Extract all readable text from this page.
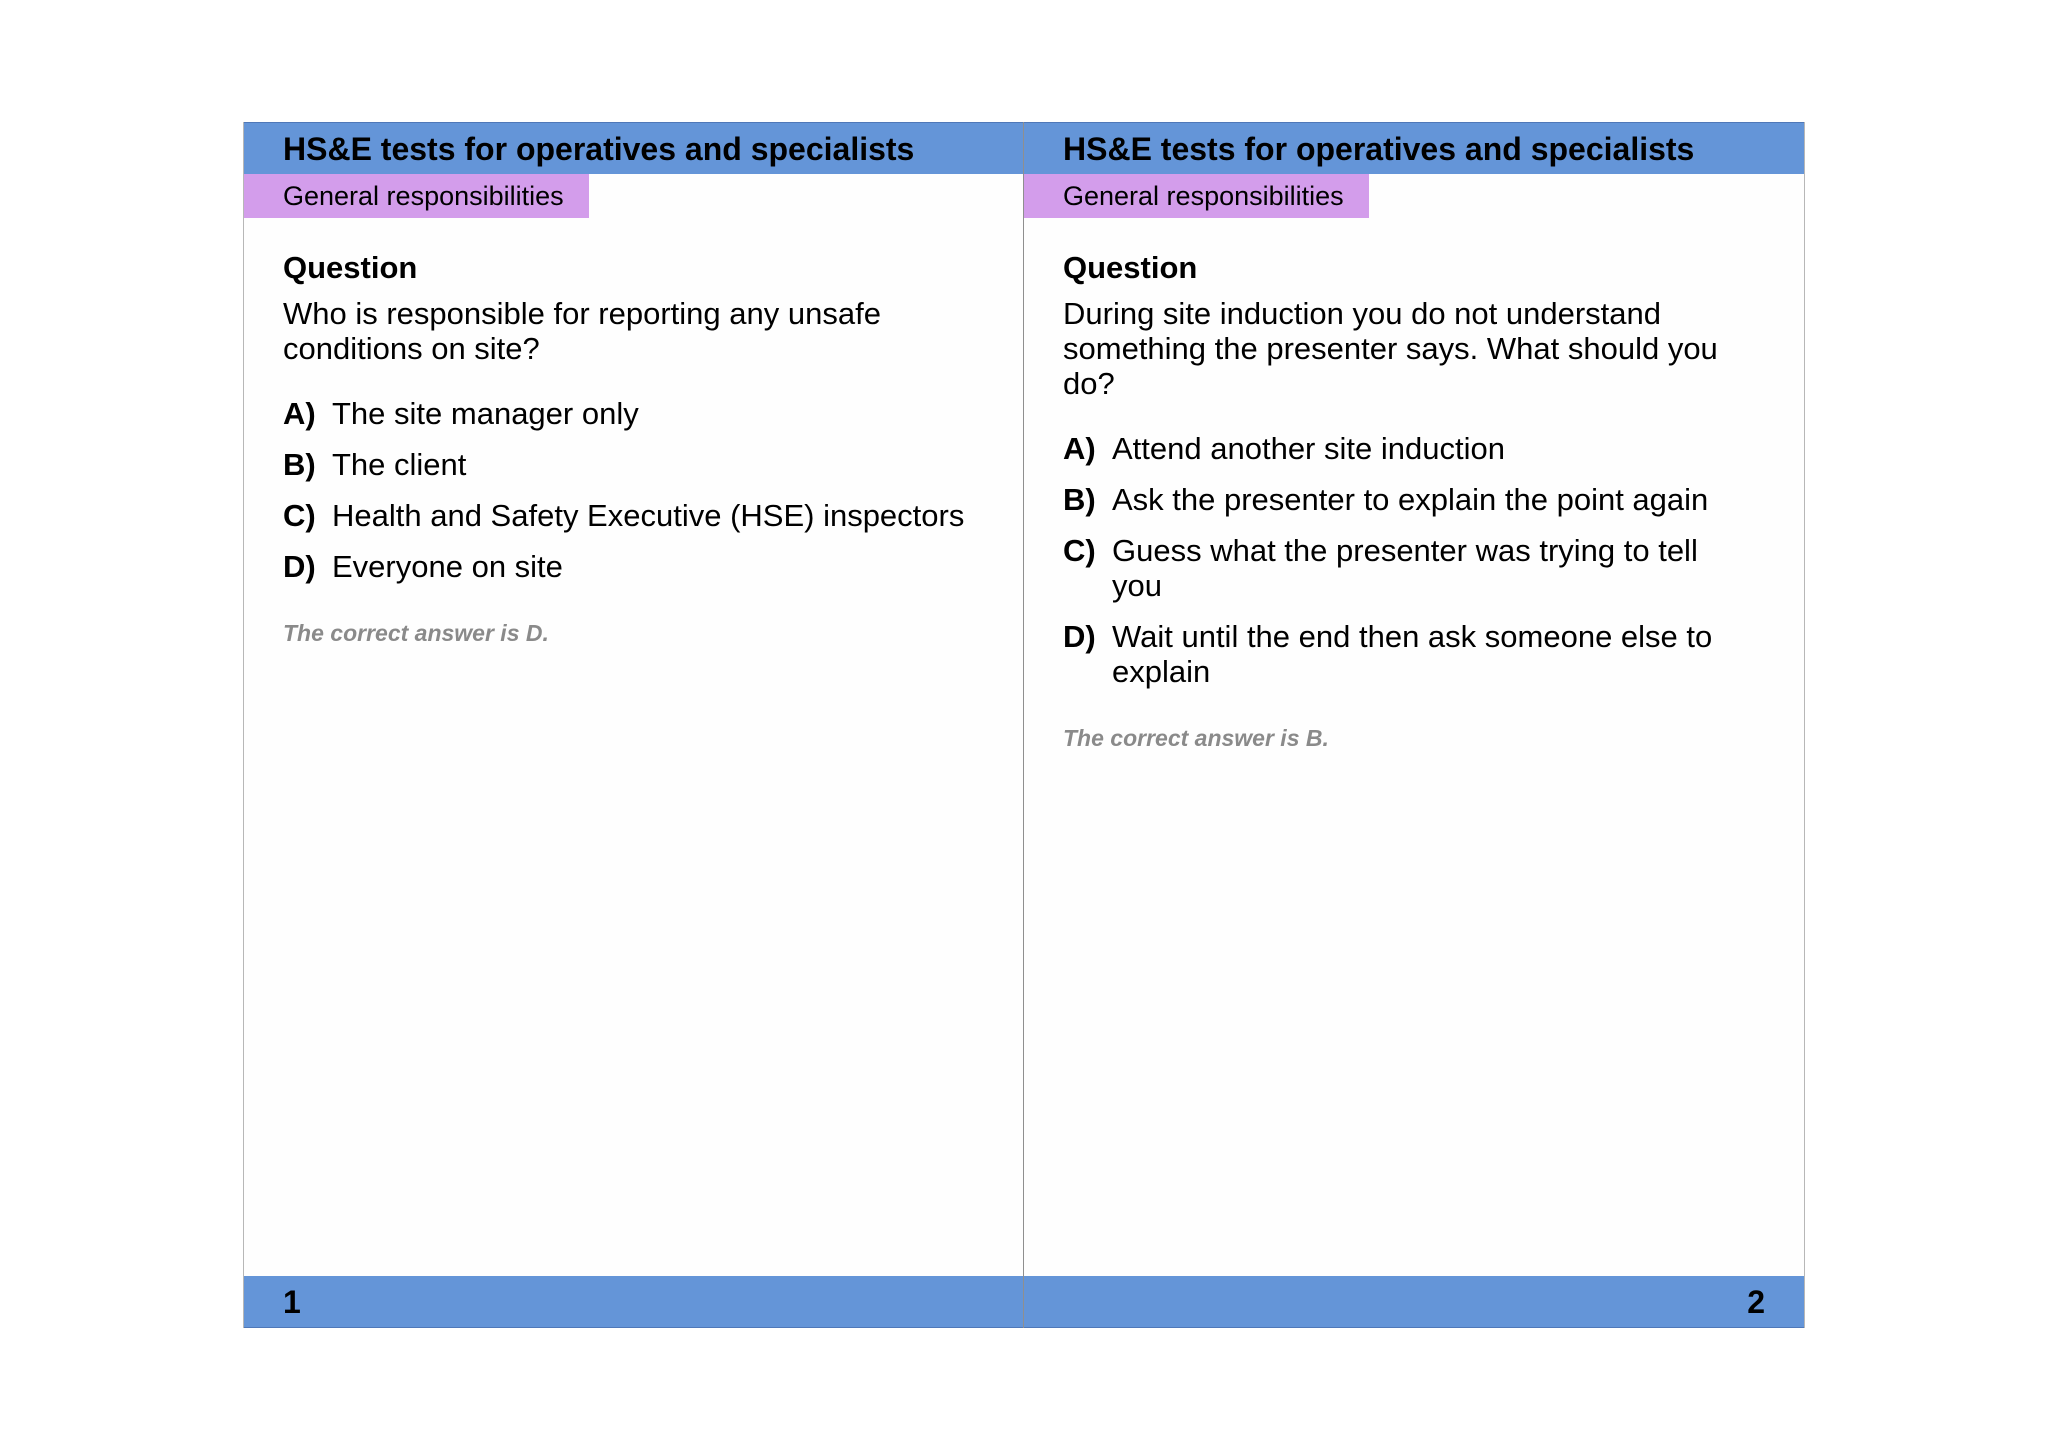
HS&E tests for operatives and specialists
General responsibilities
Question

Who is responsible for reporting any unsafe conditions on site?

A) The site manager only
B) The client
C) Health and Safety Executive (HSE) inspectors
D) Everyone on site
The correct answer is D.
1
HS&E tests for operatives and specialists
General responsibilities
Question

During site induction you do not understand something the presenter says. What should you do?

A) Attend another site induction
B) Ask the presenter to explain the point again
C) Guess what the presenter was trying to tell you
D) Wait until the end then ask someone else to explain
The correct answer is B.
2
